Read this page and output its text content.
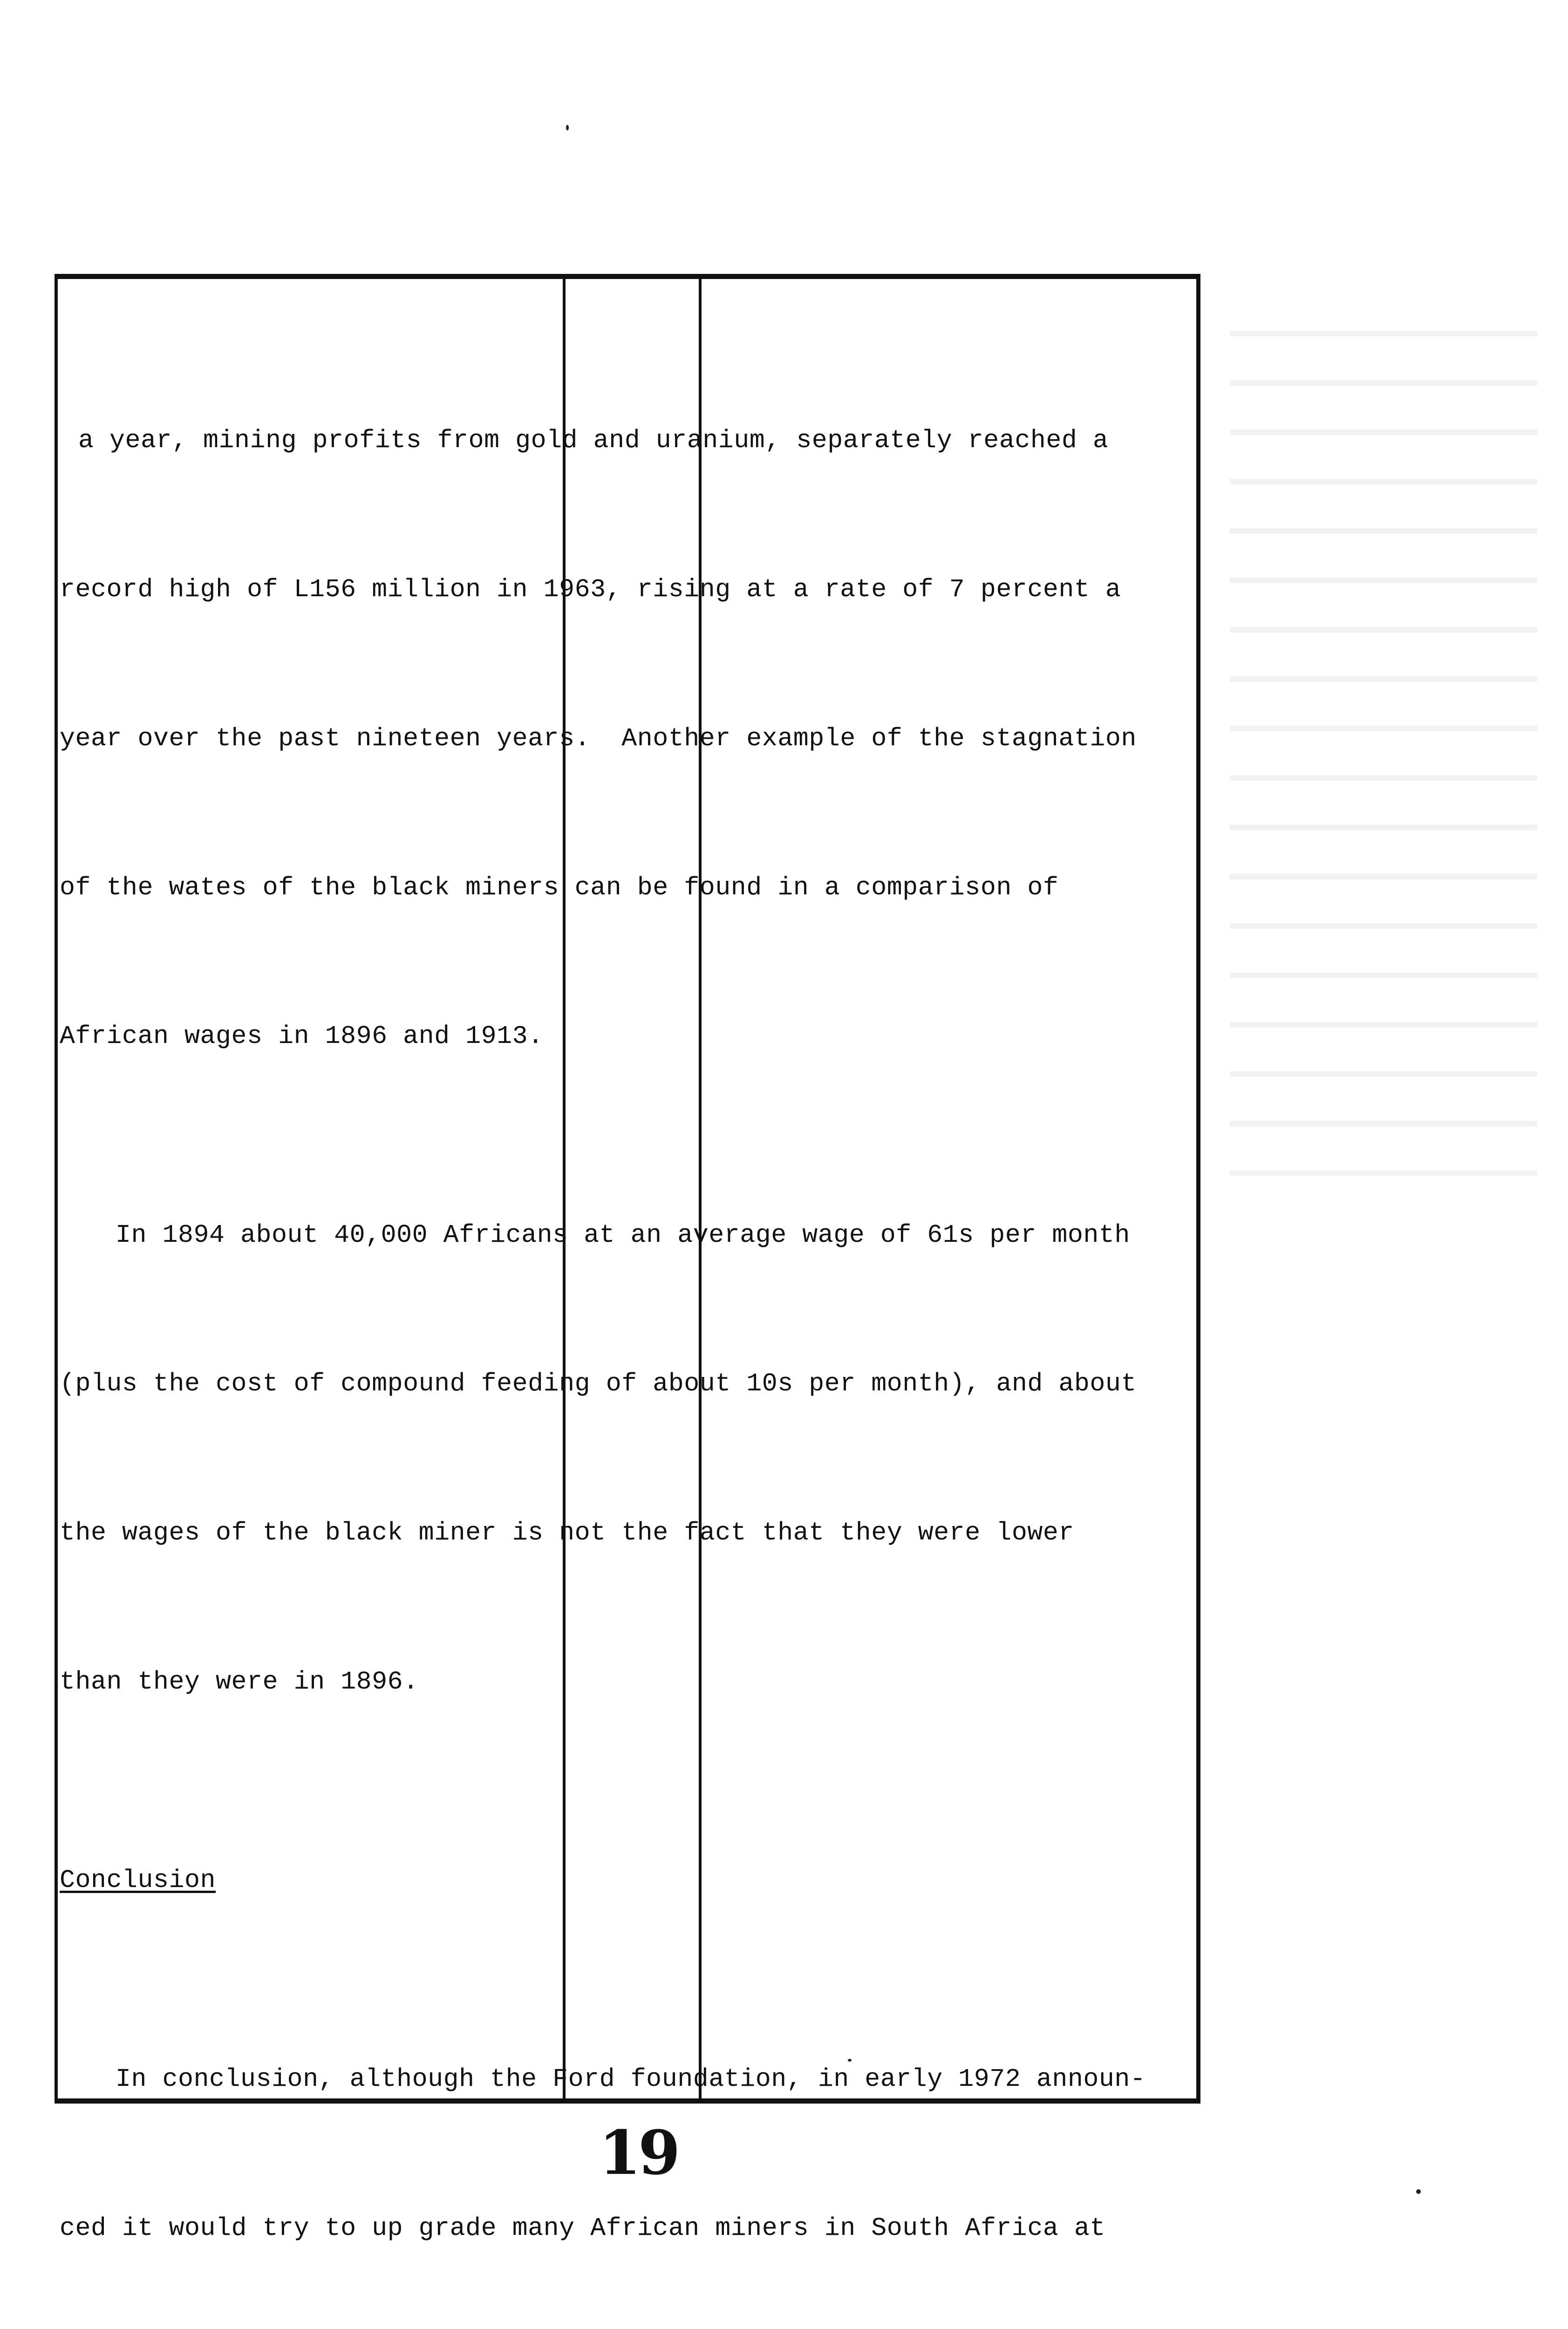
a year, mining profits from gold and uranium, separately reached a

record high of L156 million in 1963, rising at a rate of 7 percent a

year over the past nineteen years.  Another example of the stagnation

of the wates of the black miners can be found in a comparison of

African wages in 1896 and 1913.

In 1894 about 40,000 Africans at an average wage of 61s per month

(plus the cost of compound feeding of about 10s per month), and about

the wages of the black miner is not the fact that they were lower

than they were in 1896.

Conclusion

In conclusion, although the Ford foundation, in early 1972 announ-

ced it would try to up grade many African miners in South Africa at

19
